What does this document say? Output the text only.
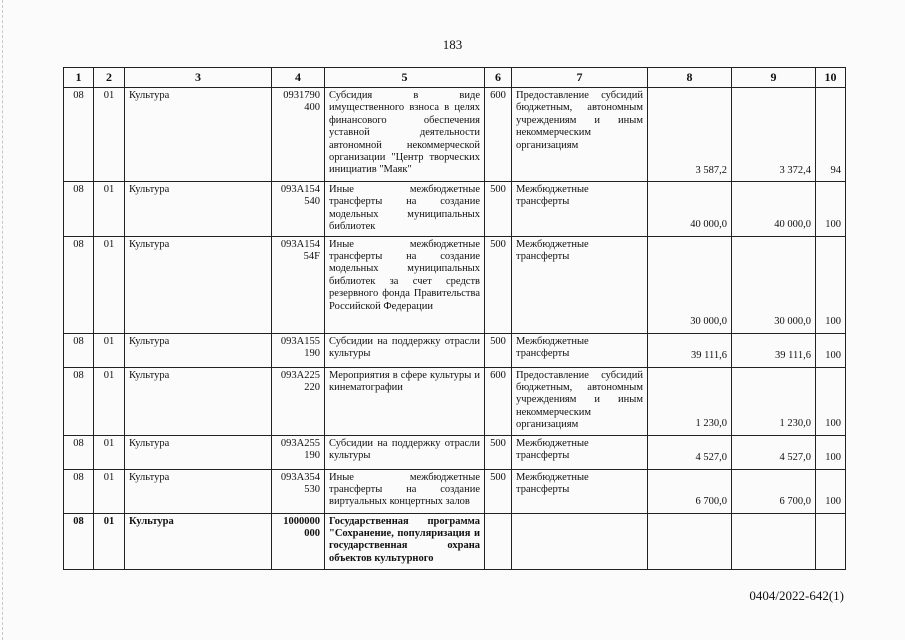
183
1	2	3	4	5	6	7	8	9	10
08	01	Культура	0931790 400	Субсидия в виде имущественного взноса в целях финансового обеспечения уставной деятельности автономной некоммерческой организации "Центр творческих инициатив "Маяк"	600	Предоставление субсидий бюджетным, автономным учреждениям и иным некоммерческим организациям	3 587,2	3 372,4	94
08	01	Культура	093A154 540	Иные межбюджетные трансферты на создание модельных муниципальных библиотек	500	Межбюджетные трансферты	40 000,0	40 000,0	100
08	01	Культура	093A154 54F	Иные межбюджетные трансферты на создание модельных муниципальных библиотек за счет средств резервного фонда Правительства Российской Федерации	500	Межбюджетные трансферты	30 000,0	30 000,0	100
08	01	Культура	093A155 190	Субсидии на поддержку отрасли культуры	500	Межбюджетные трансферты	39 111,6	39 111,6	100
08	01	Культура	093A225 220	Мероприятия в сфере культуры и кинематографии	600	Предоставление субсидий бюджетным, автономным учреждениям и иным некоммерческим организациям	1 230,0	1 230,0	100
08	01	Культура	093A255 190	Субсидии на поддержку отрасли культуры	500	Межбюджетные трансферты	4 527,0	4 527,0	100
08	01	Культура	093A354 530	Иные межбюджетные трансферты на создание виртуальных концертных залов	500	Межбюджетные трансферты	6 700,0	6 700,0	100
08	01	Культура	1000000 000	Государственная программа "Сохранение, популяризация и государственная охрана объектов культурного					
0404/2022-642(1)
